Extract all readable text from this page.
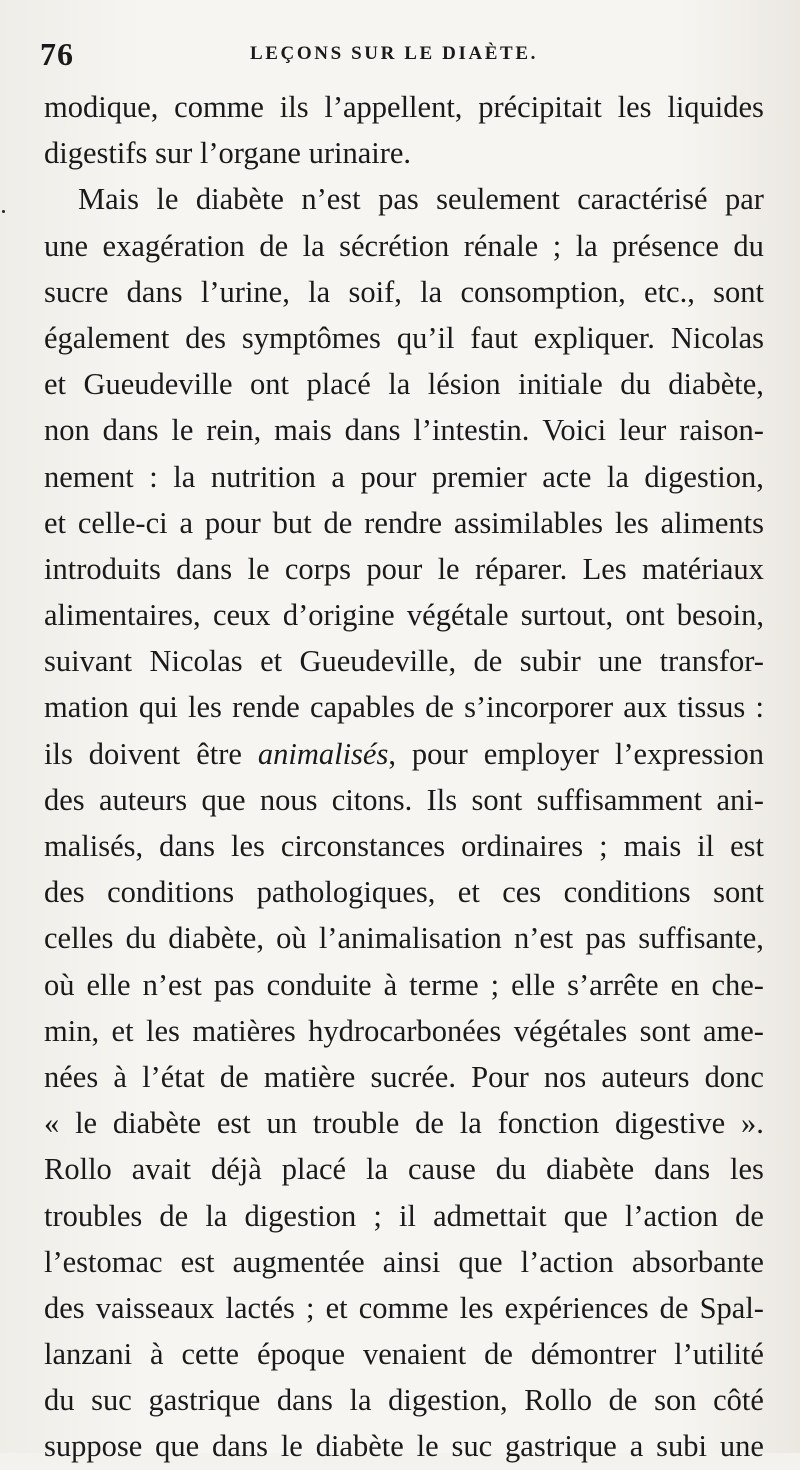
76	LEÇONS SUR LE DIAÈTE.
modique, comme ils l’appellent, précipitait les liquides
digestifs sur l’organe urinaire.
Mais le diabète n’est pas seulement caractérisé par
une exagération de la sécrétion rénale ; la présence du
sucre dans l’urine, la soif, la consomption, etc., sont
également des symptômes qu’il faut expliquer. Nicolas
et Gueudeville ont placé la lésion initiale du diabète,
non dans le rein, mais dans l’intestin. Voici leur raison-
nement : la nutrition a pour premier acte la digestion,
et celle-ci a pour but de rendre assimilables les aliments
introduits dans le corps pour le réparer. Les matériaux
alimentaires, ceux d’origine végétale surtout, ont besoin,
suivant Nicolas et Gueudeville, de subir une transfor-
mation qui les rende capables de s’incorporer aux tissus :
ils doivent être animalisés, pour employer l’expression
des auteurs que nous citons. Ils sont suffisamment ani-
malisés, dans les circonstances ordinaires ; mais il est
des conditions pathologiques, et ces conditions sont
celles du diabète, où l’animalisation n’est pas suffisante,
où elle n’est pas conduite à terme ; elle s’arrête en che-
min, et les matières hydrocarbonées végétales sont ame-
nées à l’état de matière sucrée. Pour nos auteurs donc
« le diabète est un trouble de la fonction digestive ».
Rollo avait déjà placé la cause du diabète dans les
troubles de la digestion ; il admettait que l’action de
l’estomac est augmentée ainsi que l’action absorbante
des vaisseaux lactés ; et comme les expériences de Spal-
lanzani à cette époque venaient de démontrer l’utilité
du suc gastrique dans la digestion, Rollo de son côté
suppose que dans le diabète le suc gastrique a subi une
